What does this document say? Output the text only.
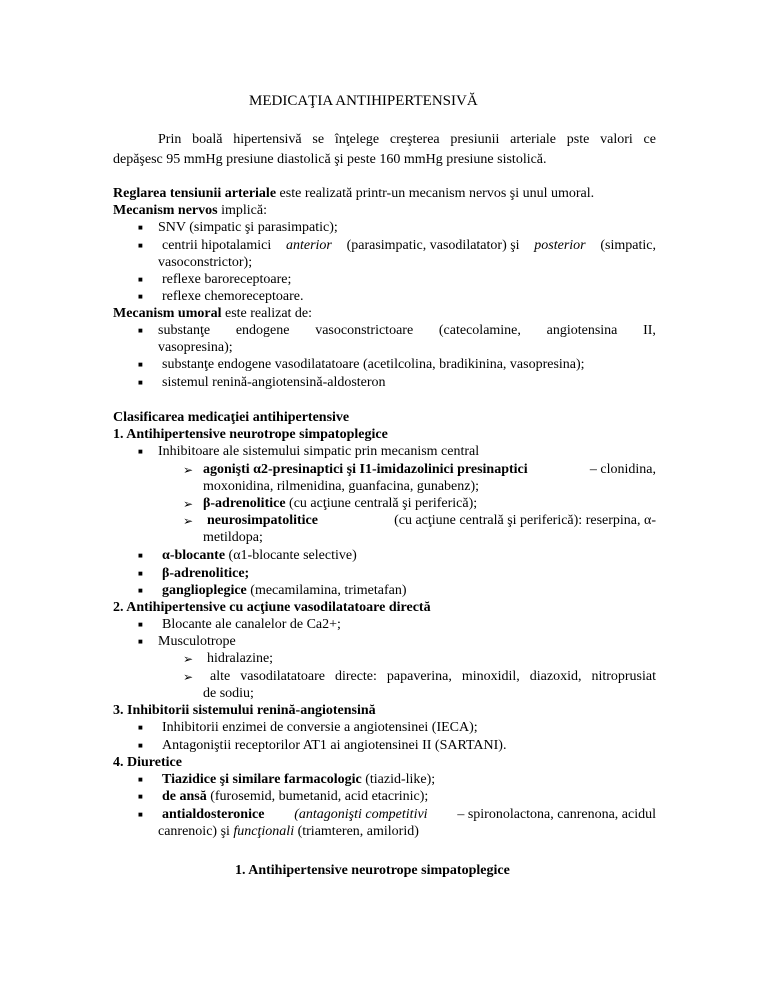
MEDICAŢIA ANTIHIPERTENSIVĂ
Prin boală hipertensivă se înţelege creşterea presiunii arteriale pste valori ce
depăşesc 95 mmHg presiune diastolică şi peste 160 mmHg presiune sistolică.
Reglarea tensiunii arteriale este realizată printr-un mecanism nervos şi unul umoral.
Mecanism nervos implică:
■ SNV (simpatic şi parasimpatic);
■ centrii hipotalamici anterior (parasimpatic, vasodilatator) şi posterior (simpatic,
vasoconstrictor);
■ reflexe baroreceptoare;
■ reflexe chemoreceptoare.
Mecanism umoral este realizat de:
■ substanţe endogene vasoconstrictoare (catecolamine, angiotensina II,
vasopresina);
■ substanţe endogene vasodilatatoare (acetilcolina, bradikinina, vasopresina);
■ sistemul renină-angiotensină-aldosteron
Clasificarea medicaţiei antihipertensive
1. Antihipertensive neurotrope simpatoplegice
■ Inhibitoare ale sistemului simpatic prin mecanism central
➢ agonişti α2-presinaptici şi I1-imidazolinici presinaptici	– clonidina,
moxonidina, rilmenidina, guanfacina, gunabenz);
➢ β-adrenolitice (cu acţiune centrală şi periferică);
➢ neurosimpatolitice	(cu acţiune centrală şi periferică): reserpina, α-
metildopa;
■ α-blocante (α1-blocante selective)
■ β-adrenolitice;
■ ganglioplegice (mecamilamina, trimetafan)
2. Antihipertensive cu acţiune vasodilatatoare directă
■ Blocante ale canalelor de Ca2+;
■ Musculotrope
➢ hidralazine;
➢ alte vasodilatatoare directe: papaverina, minoxidil, diazoxid, nitroprusiat
de sodiu;
3. Inhibitorii sistemului renină-angiotensină
■ Inhibitorii enzimei de conversie a angiotensinei (IECA);
■ Antagoniştii receptorilor AT1 ai angiotensinei II (SARTANI).
4. Diuretice
■ Tiazidice şi similare farmacologic (tiazid-like);
■ de ansă (furosemid, bumetanid, acid etacrinic);
■ antialdosteronice (antagonişti competitivi – spironolactona, canrenona, acidul
canrenoic) şi funcţionali (triamteren, amilorid)
1. Antihipertensive neurotrope simpatoplegice
